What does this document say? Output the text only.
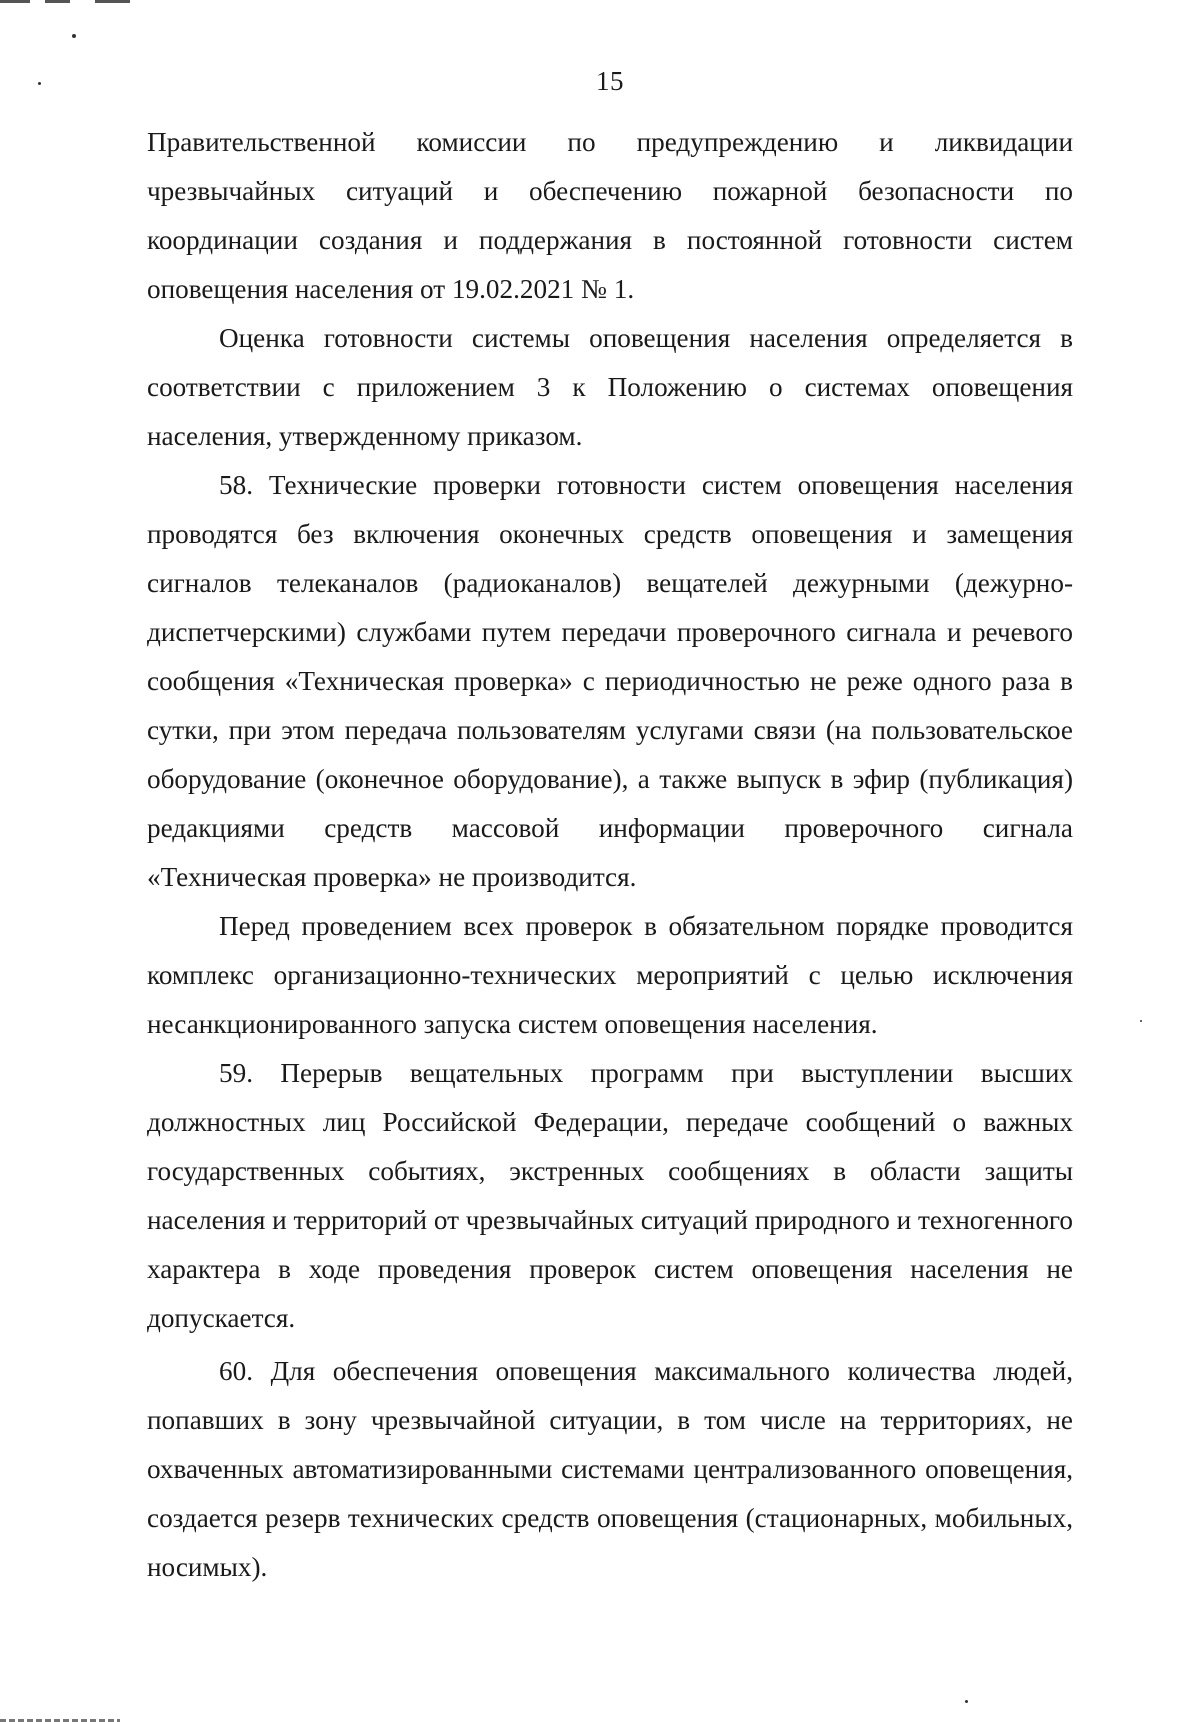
15

Правительственной комиссии по предупреждению и ликвидации чрезвычайных ситуаций и обеспечению пожарной безопасности по координации создания и поддержания в постоянной готовности систем оповещения населения от 19.02.2021 № 1.

Оценка готовности системы оповещения населения определяется в соответствии с приложением 3 к Положению о системах оповещения населения, утвержденному приказом.

58. Технические проверки готовности систем оповещения населения проводятся без включения оконечных средств оповещения и замещения сигналов телеканалов (радиоканалов) вещателей дежурными (дежурно-диспетчерскими) службами путем передачи проверочного сигнала и речевого сообщения «Техническая проверка» с периодичностью не реже одного раза в сутки, при этом передача пользователям услугами связи (на пользовательское оборудование (оконечное оборудование), а также выпуск в эфир (публикация) редакциями средств массовой информации проверочного сигнала «Техническая проверка» не производится.

Перед проведением всех проверок в обязательном порядке проводится комплекс организационно-технических мероприятий с целью исключения несанкционированного запуска систем оповещения населения.

59. Перерыв вещательных программ при выступлении высших должностных лиц Российской Федерации, передаче сообщений о важных государственных событиях, экстренных сообщениях в области защиты населения и территорий от чрезвычайных ситуаций природного и техногенного характера в ходе проведения проверок систем оповещения населения не допускается.

60. Для обеспечения оповещения максимального количества людей, попавших в зону чрезвычайной ситуации, в том числе на территориях, не охваченных автоматизированными системами централизованного оповещения, создается резерв технических средств оповещения (стационарных, мобильных, носимых).
